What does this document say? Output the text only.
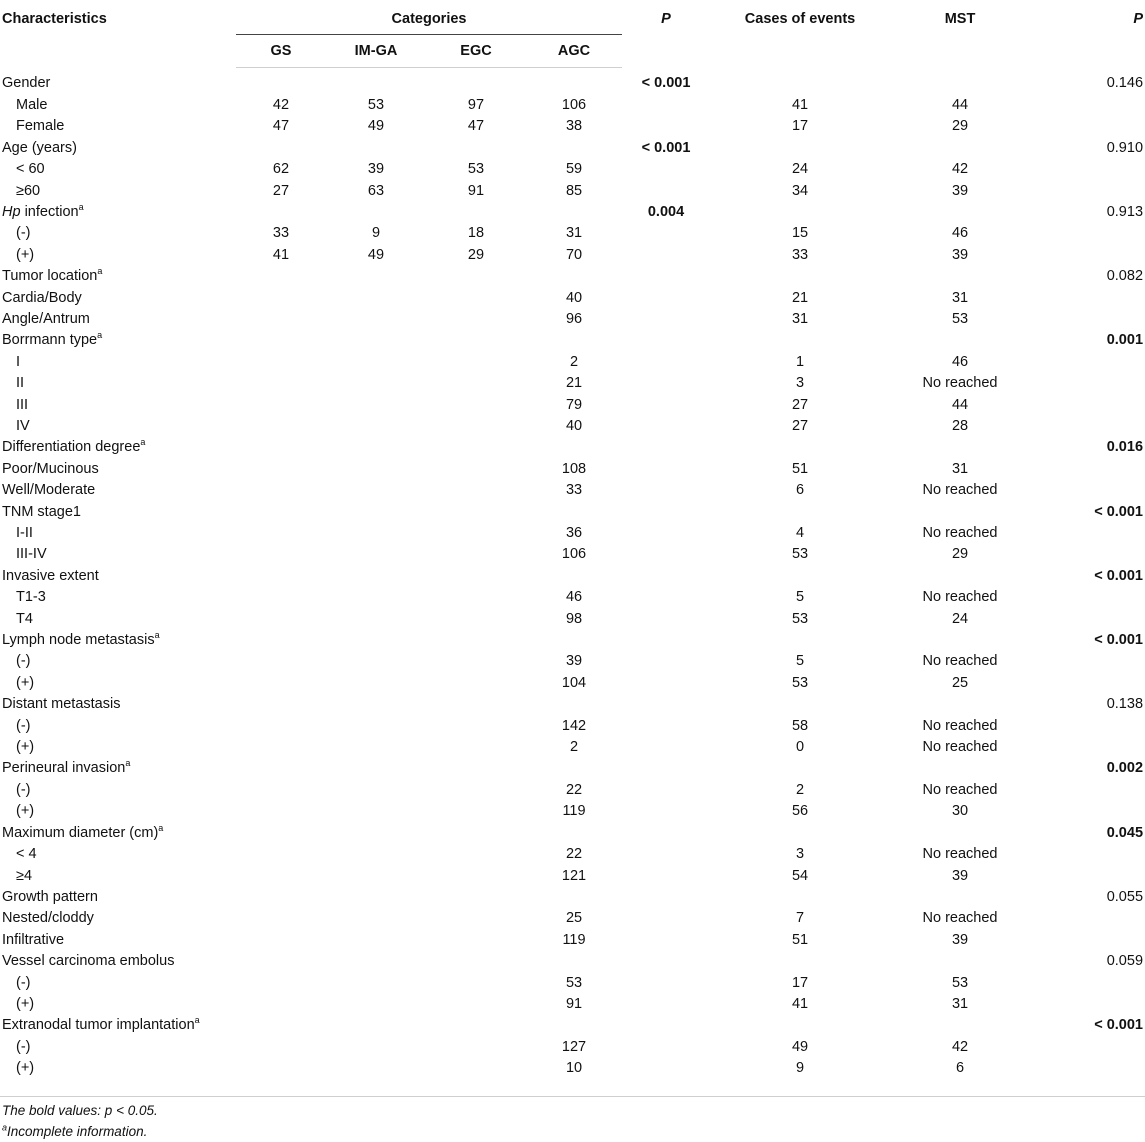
Characteristics	Categories				P	Cases of events	MST	P
	GS	IM-GA	EGC	AGC				
Gender					< 0.001			0.146
Male	42	53	97	106		41	44	
Female	47	49	47	38		17	29	
Age (years)					< 0.001			0.910
< 60	62	39	53	59		24	42	
≥60	27	63	91	85		34	39	
Hp infection$^a$					0.004			0.913
(-)	33	9	18	31		15	46	
(+)	41	49	29	70		33	39	
Tumor location$^a$								0.082
Cardia/Body				40		21	31	
Angle/Antrum				96		31	53	
Borrmann type$^a$								0.001
I				2		1	46	
II				21		3	No reached	
III				79		27	44	
IV				40		27	28	
Differentiation degree$^a$								0.016
Poor/Mucinous				108		51	31	
Well/Moderate				33		6	No reached	
TNM stage1								< 0.001
I-II				36		4	No reached	
III-IV				106		53	29	
Invasive extent								< 0.001
T1-3				46		5	No reached	
T4				98		53	24	
Lymph node metastasis$^a$								< 0.001
(-)				39		5	No reached	
(+)				104		53	25	
Distant metastasis								0.138
(-)				142		58	No reached	
(+)				2		0	No reached	
Perineural invasion$^a$								0.002
(-)				22		2	No reached	
(+)				119		56	30	
Maximum diameter (cm)$^a$								0.045
< 4				22		3	No reached	
≥4				121		54	39	
Growth pattern								0.055
Nested/cloddy				25		7	No reached	
Infiltrative				119		51	39	
Vessel carcinoma embolus								0.059
(-)				53		17	53	
(+)				91		41	31	
Extranodal tumor implantation$^a$								< 0.001
(-)				127		49	42	
(+)				10		9	6	
The bold values: p < 0.05.
$^a$Incomplete information.
